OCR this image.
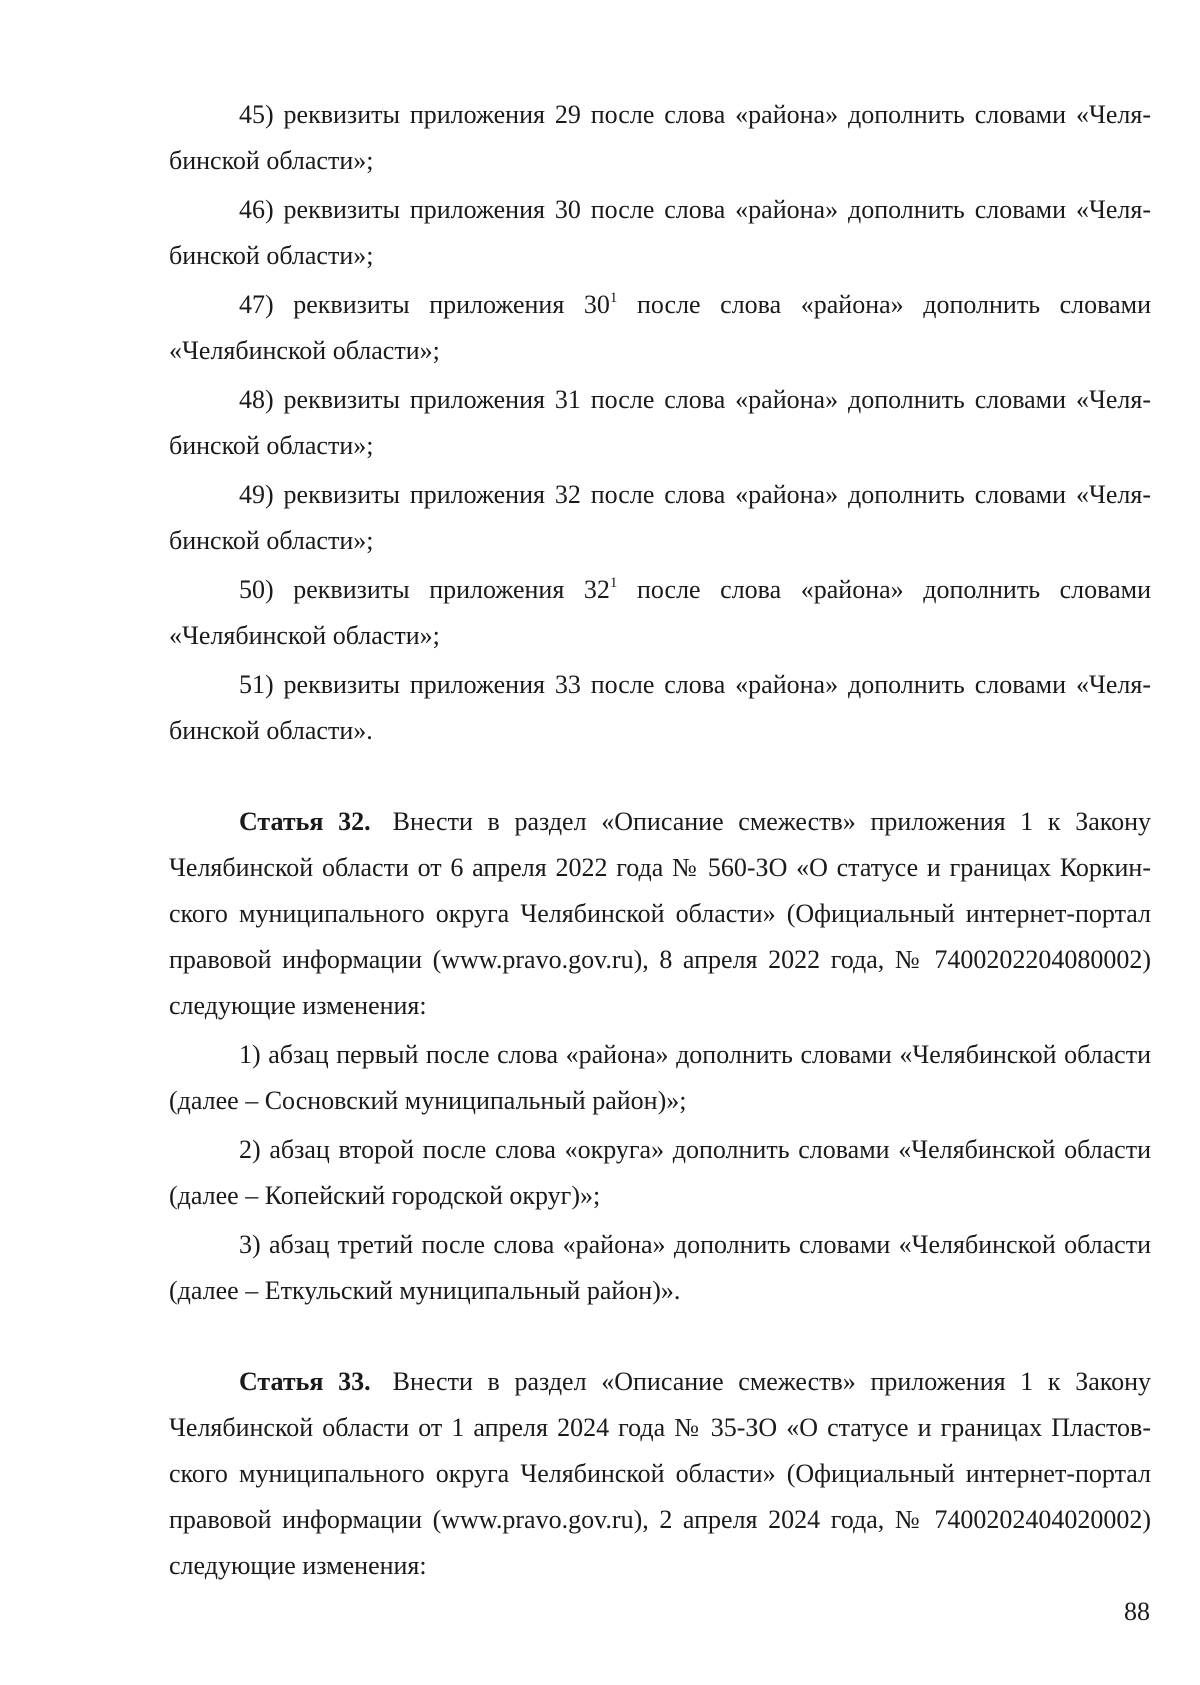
45) реквизиты приложения 29 после слова «района» дополнить словами «Челябинской области»;

46) реквизиты приложения 30 после слова «района» дополнить словами «Челябинской области»;

47) реквизиты приложения $30^1$ после слова «района» дополнить словами «Челябинской области»;

48) реквизиты приложения 31 после слова «района» дополнить словами «Челябинской области»;

49) реквизиты приложения 32 после слова «района» дополнить словами «Челябинской области»;

50) реквизиты приложения $32^1$ после слова «района» дополнить словами «Челябинской области»;

51) реквизиты приложения 33 после слова «района» дополнить словами «Челябинской области».

Статья 32. Внести в раздел «Описание смежеств» приложения 1 к Закону Челябинской области от 6 апреля 2022 года № 560-ЗО «О статусе и границах Коркинского муниципального округа Челябинской области» (Официальный интернет-портал правовой информации (www.pravo.gov.ru), 8 апреля 2022 года, № 7400202204080002) следующие изменения:

1) абзац первый после слова «района» дополнить словами «Челябинской области (далее – Сосновский муниципальный район)»;

2) абзац второй после слова «округа» дополнить словами «Челябинской области (далее – Копейский городской округ)»;

3) абзац третий после слова «района» дополнить словами «Челябинской области (далее – Еткульский муниципальный район)».

Статья 33. Внести в раздел «Описание смежеств» приложения 1 к Закону Челябинской области от 1 апреля 2024 года № 35-ЗО «О статусе и границах Пластовского муниципального округа Челябинской области» (Официальный интернет-портал правовой информации (www.pravo.gov.ru), 2 апреля 2024 года, № 7400202404020002) следующие изменения:

88
